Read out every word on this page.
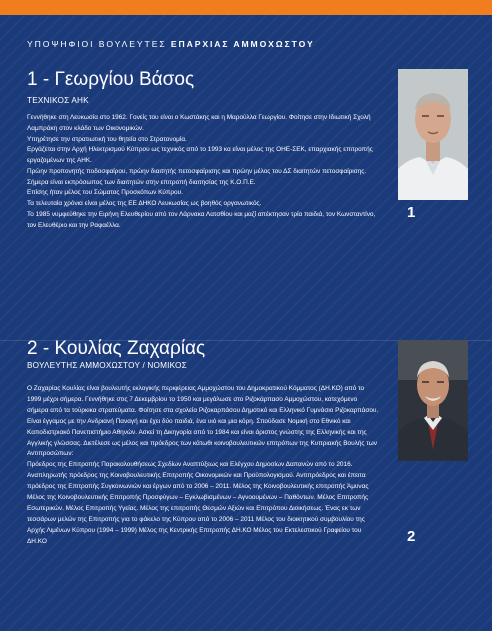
ΥΠΟΨΗΦΙΟΙ ΒΟΥΛΕΥΤΕΣ ΕΠΑΡΧΙΑΣ ΑΜΜΟΧΩΣΤΟΥ
1 - Γεωργίου Βάσος
ΤΕΧΝΙΚΟΣ ΑΗΚ

Γεννήθηκε στη Λευκωσία στο 1962. Γονείς του είναι ο Κωστάκης και η Μαρούλλα Γεωργίου. Φοίτησε στην Ιδιωτική Σχολή Λαμπράκη στον κλάδο των Οικονομικών.

Υπηρέτησε την στρατιωτική του θητεία στο Στρατονομία.

Εργάζεται στην Αρχή Ηλεκτρισμού Κύπρου ως τεχνικός από το 1993 κα είναι μέλος της ΟΗΕ-ΣΕΚ, επαρχιακής επιτροπής εργαζομένων της ΑΗΚ.

Πρώην προπονητής ποδοσφαίρου, πρώην διαιτητής πετοσφαίρισης και πρώην μέλος του ΔΣ διαιτητών πετοσφαίρισης.

Σήμερα είναι εκπρόσωπος των διαιτητών στην επιτροπή διαιτησίας της Κ.Ο.Π.Ε.

Επίσης ήταν μέλος του Σώματος Προσκόπων Κύπρου.

Τα τελευταία χρόνια είναι μέλος της ΕΕ ΔΗΚΟ Λευκωσίας ως βοηθός οργανωτικός.

Το 1985 νυμφεύθηκε την Ειρήνη Ελευθερίου από τον Λάρνακα Λατσθίου και μαζί απέκτησαν τρία παιδιά, τον Κωνσταντίνο, τον Ελευθέριο και την Ραφαέλλα.

1
2 - Κουλίας Ζαχαρίας
ΒΟΥΛΕΥΤΗΣ ΑΜΜΟΧΩΣΤΟΥ / ΝΟΜΙΚΟΣ

Ο Ζαχαρίας Κουλίας είναι βουλευτής εκλογικής περιφέρειας Αμμοχώστου του Δημοκρατικού Κόμματος (ΔΗ.ΚΟ) από το 1999 μέχρι σήμερα. Γεννήθηκε στις 7 Δεκεμβρίου το 1950 και μεγάλωσε στο Ριζοκάρπασο Αμμοχώστου, κατεχόμενο σήμερα από τα τούρκικα στρατεύματα. Φοίτησε στα σχολεία Ριζοκαρπάσου Δημοτικό και Ελληνικό Γυμνάσιο Ριζοκαρπάσου. Είναι έγγαμος με την Ανδριανή Παναγή και έχει δύο παιδιά, ένα υιό και μια κόρη. Σπούδασε Νομική στο Εθνικό και Καποδιστριακό Πανεπιστήμιο Αθηνών. Ασκεί τη Δικηγορία από το 1984 και είναι άριστος γνώστης της Ελληνικής και της Αγγλικής γλώσσας. Διετέλεσε ως μέλος και πρόεδρος των κάτωθι κοινοβουλευτικών επιτρόπων της Κυπριακής Βουλής των Αντιπροσώπων:

Πρόεδρος της Επιτροπής Παρακολουθήσεως Σχεδίων Αναπτύξεως και Ελέγχου Δημοσίων Δαπανών από το 2016. Αναπληρωτής πρόεδρος της Κοινοβουλευτικής Επιτροπής Οικονομικών και Προϋπολογισμού. Αντιπρόεδρος και έπειτα πρόεδρος της Επιτροπής Συγκοινωνιών και έργων από το 2006 – 2011. Μέλος της Κοινοβουλευτικής επιτροπής Άμυνας Μέλος της Κοινοβουλευτικής Επιτροπής Προσφύγων – Εγκλωβισμένων – Αγνοουμένων – Παθόντων. Μέλος Επιτροπής Εσωτερικών. Μέλος Επιτροπής Υγείας. Μέλος της επιτροπής Θεσμών Αξιών και Επιτρόπου Διοικήσεως. Ένας εκ των τεσσάρων μελών της Επιτροπής για το φάκελο της Κύπρου από το 2006 – 2011 Μέλος του διοικητικού συμβουλίου της Αρχής Λιμένων Κύπρου (1994 – 1999) Μέλος της Κεντρικής Επιτροπής ΔΗ.ΚΟ Μέλος του Εκτελεστικού Γραφείου του ΔΗ.ΚΟ	2
